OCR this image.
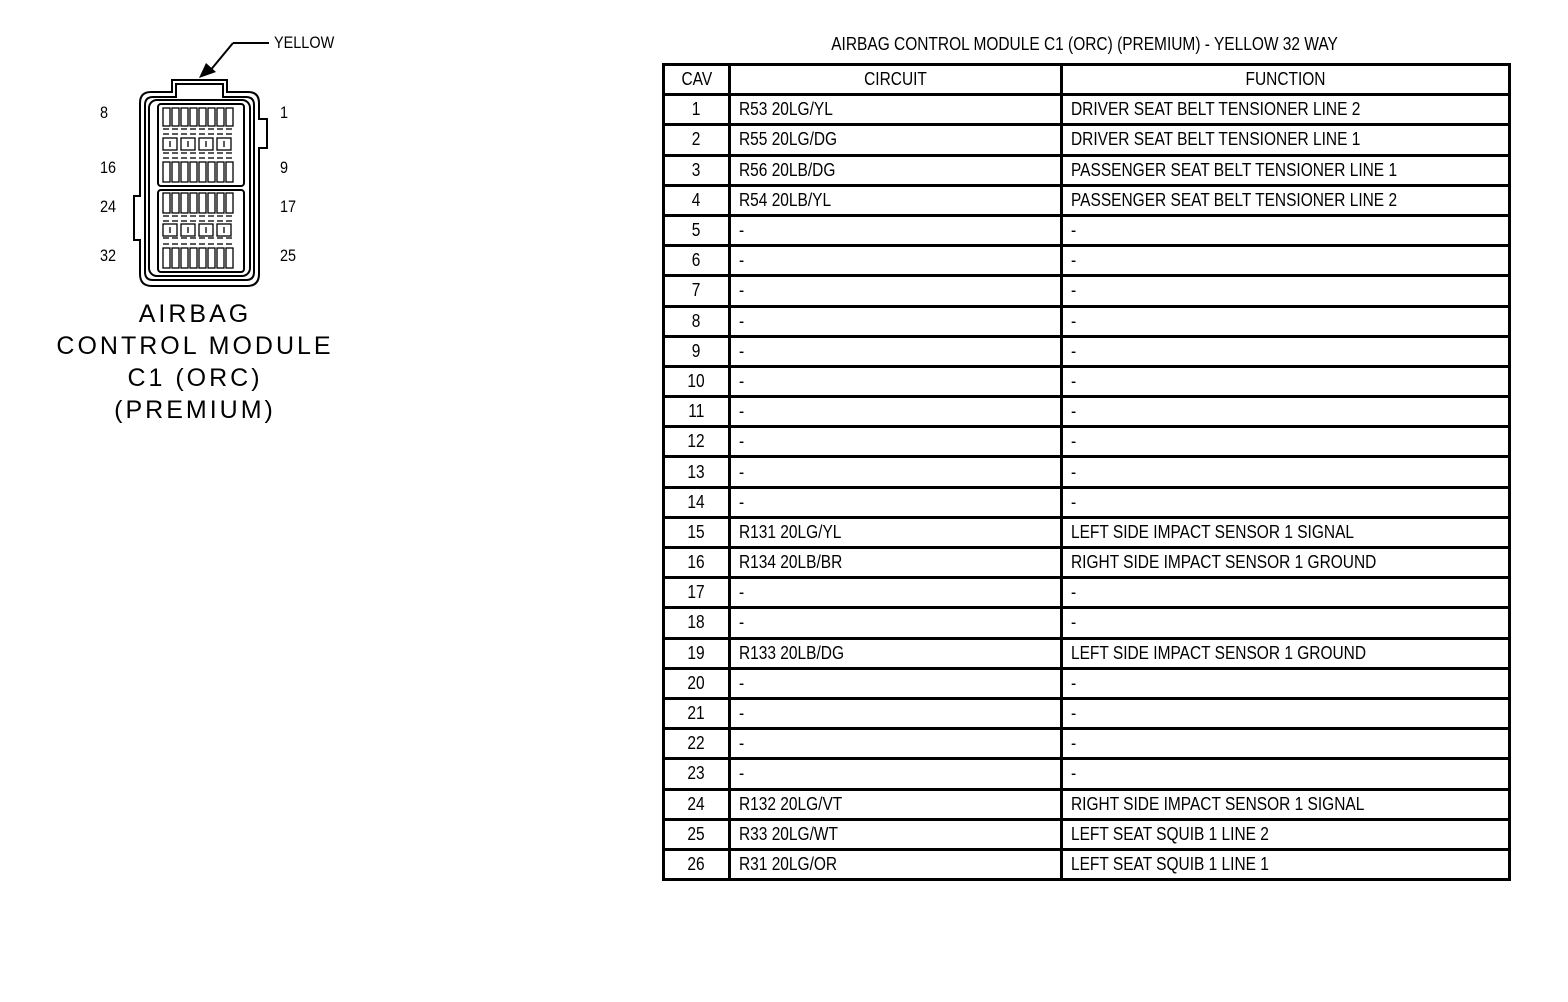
YELLOW
8
16
24
32
1
9
17
25
AIRBAG
CONTROL MODULE
C1 (ORC)
(PREMIUM)
AIRBAG CONTROL MODULE C1 (ORC) (PREMIUM) - YELLOW 32 WAY
CAV	CIRCUIT	FUNCTION
1	R53 20LG/YL	DRIVER SEAT BELT TENSIONER LINE 2
2	R55 20LG/DG	DRIVER SEAT BELT TENSIONER LINE 1
3	R56 20LB/DG	PASSENGER SEAT BELT TENSIONER LINE 1
4	R54 20LB/YL	PASSENGER SEAT BELT TENSIONER LINE 2
5	-	-
6	-	-
7	-	-
8	-	-
9	-	-
10	-	-
11	-	-
12	-	-
13	-	-
14	-	-
15	R131 20LG/YL	LEFT SIDE IMPACT SENSOR 1 SIGNAL
16	R134 20LB/BR	RIGHT SIDE IMPACT SENSOR 1 GROUND
17	-	-
18	-	-
19	R133 20LB/DG	LEFT SIDE IMPACT SENSOR 1 GROUND
20	-	-
21	-	-
22	-	-
23	-	-
24	R132 20LG/VT	RIGHT SIDE IMPACT SENSOR 1 SIGNAL
25	R33 20LG/WT	LEFT SEAT SQUIB 1 LINE 2
26	R31 20LG/OR	LEFT SEAT SQUIB 1 LINE 1
